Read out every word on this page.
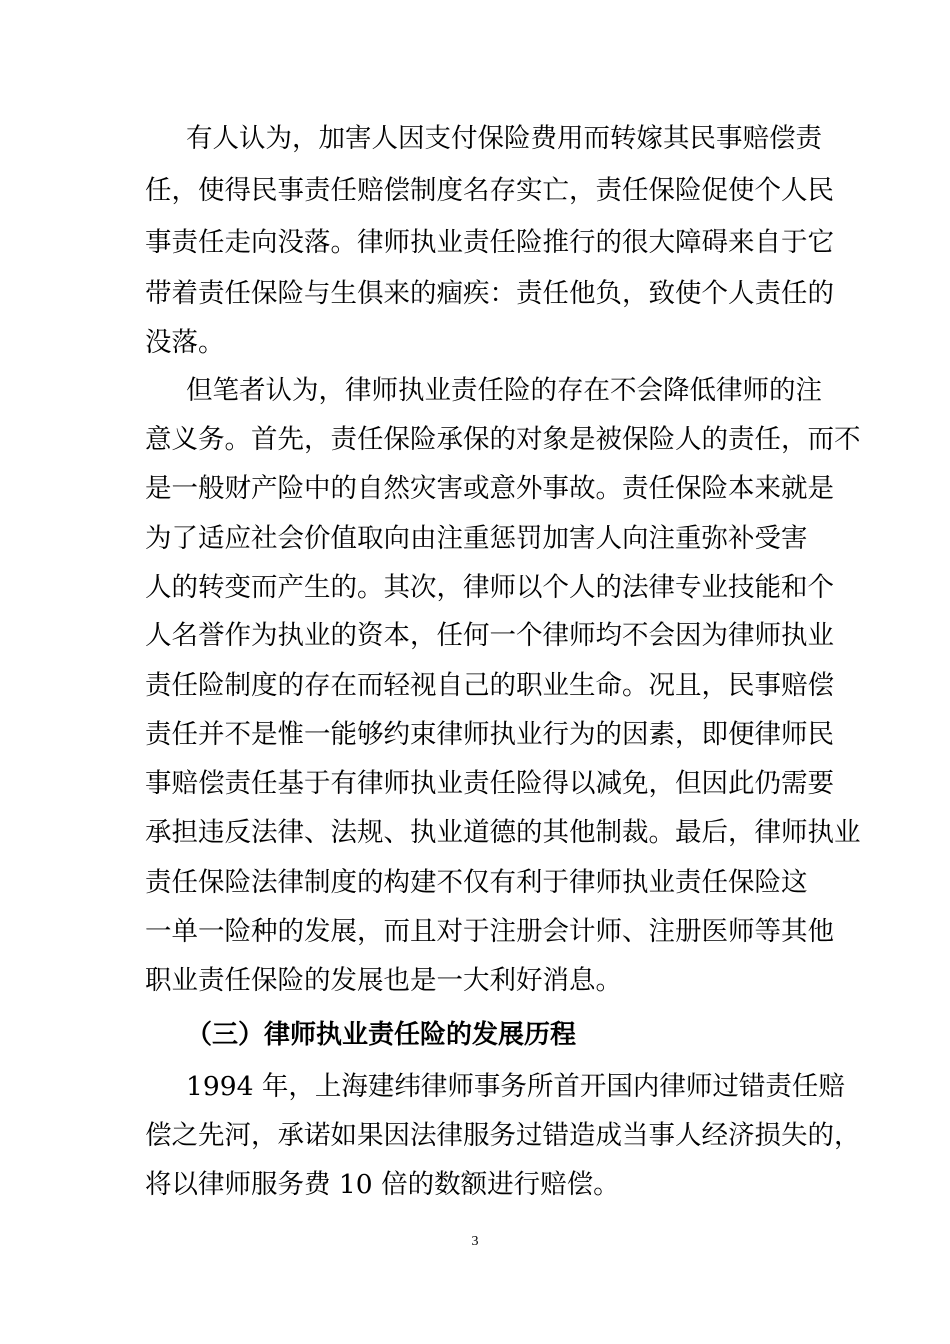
有人认为，加害人因支付保险费用而转嫁其民事赔偿责
任，使得民事责任赔偿制度名存实亡，责任保险促使个人民
事责任走向没落。律师执业责任险推行的很大障碍来自于它
带着责任保险与生俱来的痼疾：责任他负，致使个人责任的
没落。
但笔者认为，律师执业责任险的存在不会降低律师的注
意义务。首先，责任保险承保的对象是被保险人的责任，而不
是一般财产险中的自然灾害或意外事故。责任保险本来就是
为了适应社会价值取向由注重惩罚加害人向注重弥补受害
人的转变而产生的。其次，律师以个人的法律专业技能和个
人名誉作为执业的资本，任何一个律师均不会因为律师执业
责任险制度的存在而轻视自己的职业生命。况且，民事赔偿
责任并不是惟一能够约束律师执业行为的因素，即便律师民
事赔偿责任基于有律师执业责任险得以减免，但因此仍需要
承担违反法律、法规、执业道德的其他制裁。最后，律师执业
责任保险法律制度的构建不仅有利于律师执业责任保险这
一单一险种的发展，而且对于注册会计师、注册医师等其他
职业责任保险的发展也是一大利好消息。
（三）律师执业责任险的发展历程
1994 年，上海建纬律师事务所首开国内律师过错责任赔
偿之先河，承诺如果因法律服务过错造成当事人经济损失的，
将以律师服务费 10 倍的数额进行赔偿。
3
